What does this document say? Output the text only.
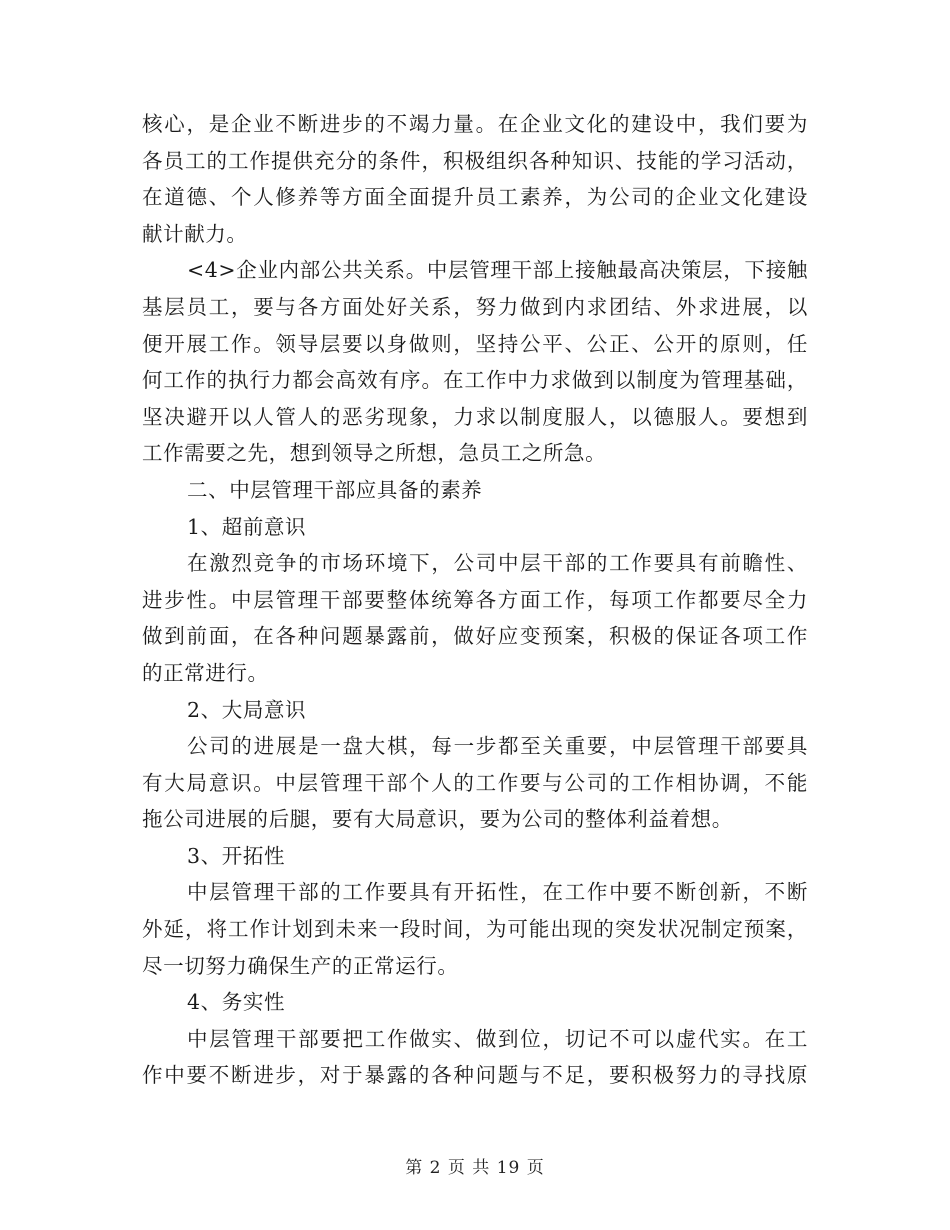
核心，是企业不断进步的不竭力量。在企业文化的建设中，我们要为
各员工的工作提供充分的条件，积极组织各种知识、技能的学习活动，
在道德、个人修养等方面全面提升员工素养，为公司的企业文化建设
献计献力。
<4>企业内部公共关系。中层管理干部上接触最高决策层，下接触
基层员工，要与各方面处好关系，努力做到内求团结、外求进展，以
便开展工作。领导层要以身做则，坚持公平、公正、公开的原则，任
何工作的执行力都会高效有序。在工作中力求做到以制度为管理基础，
坚决避开以人管人的恶劣现象，力求以制度服人，以德服人。要想到
工作需要之先，想到领导之所想，急员工之所急。
二、中层管理干部应具备的素养
1、超前意识
在激烈竞争的市场环境下，公司中层干部的工作要具有前瞻性、
进步性。中层管理干部要整体统筹各方面工作，每项工作都要尽全力
做到前面，在各种问题暴露前，做好应变预案，积极的保证各项工作
的正常进行。
2、大局意识
公司的进展是一盘大棋，每一步都至关重要，中层管理干部要具
有大局意识。中层管理干部个人的工作要与公司的工作相协调，不能
拖公司进展的后腿，要有大局意识，要为公司的整体利益着想。
3、开拓性
中层管理干部的工作要具有开拓性，在工作中要不断创新，不断
外延，将工作计划到未来一段时间，为可能出现的突发状况制定预案，
尽一切努力确保生产的正常运行。
4、务实性
中层管理干部要把工作做实、做到位，切记不可以虚代实。在工
作中要不断进步，对于暴露的各种问题与不足，要积极努力的寻找原
第 2 页 共 19 页
